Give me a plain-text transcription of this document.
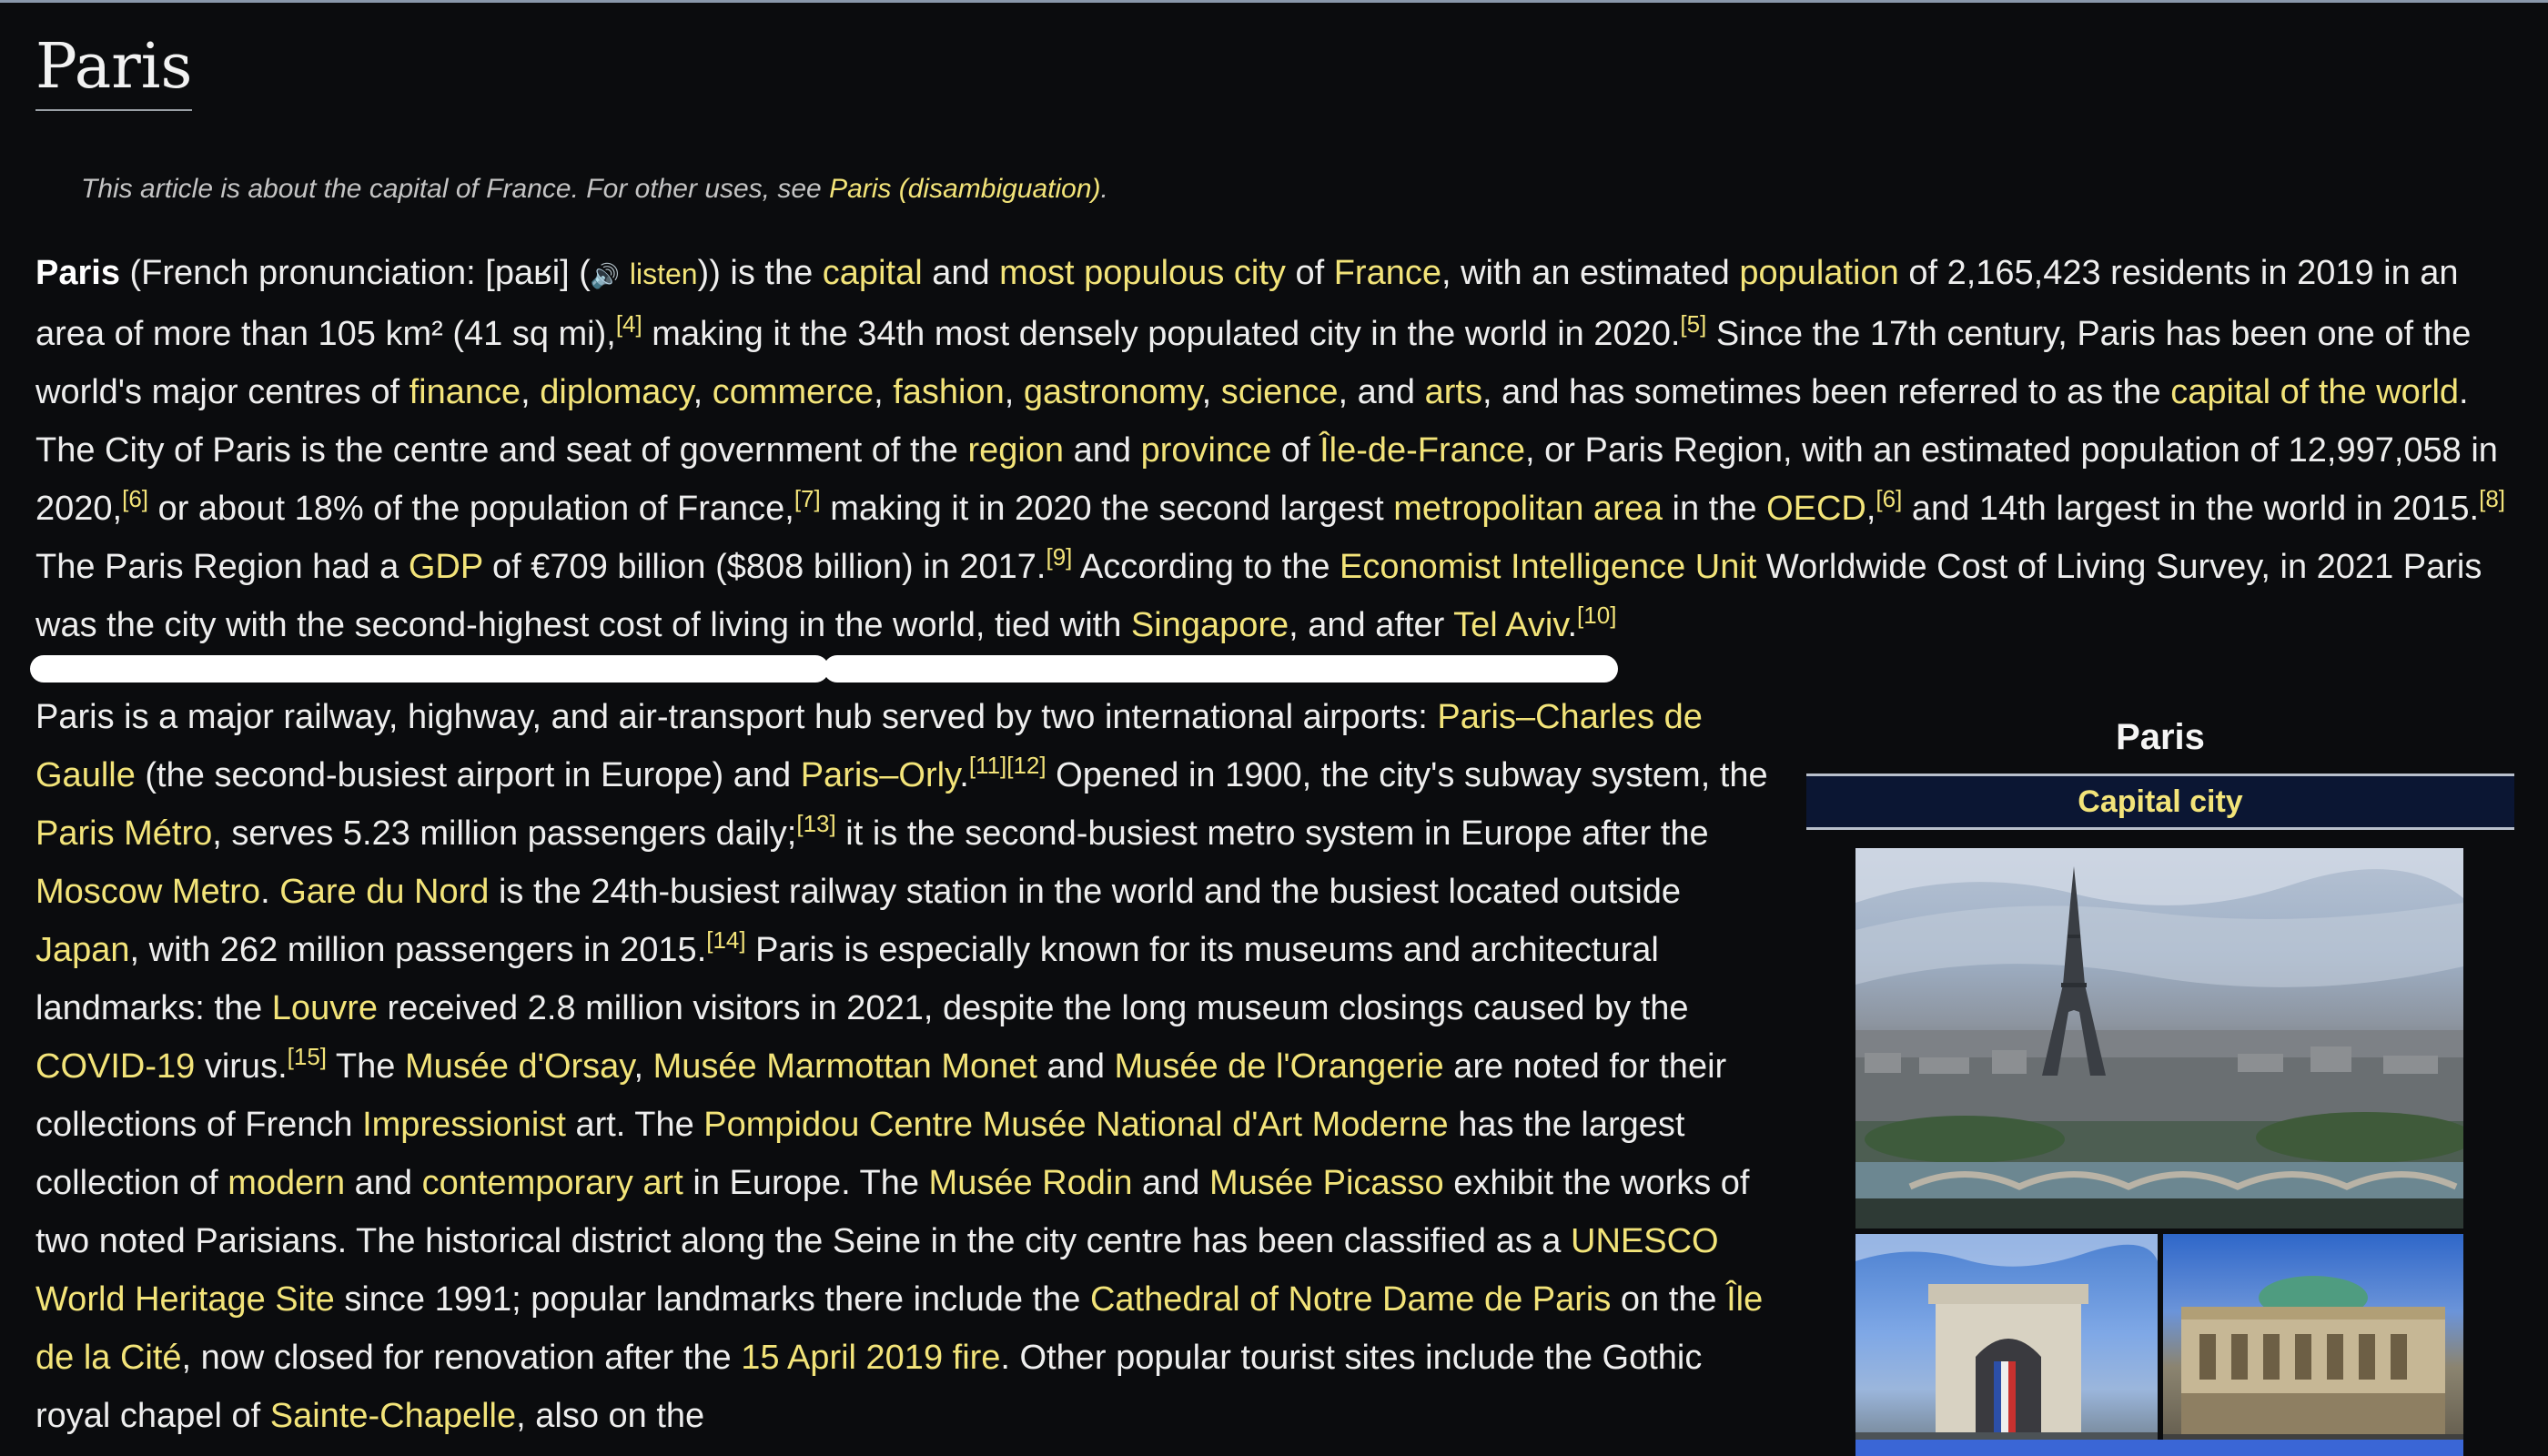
Paris

This article is about the capital of France. For other uses, see Paris (disambiguation).

Paris (French pronunciation: [paʁi] (🔊 listen)) is the capital and most populous city of France, with an estimated population of 2,165,423 residents in 2019 in an area of more than 105 km² (41 sq mi),[4] making it the 34th most densely populated city in the world in 2020.[5] Since the 17th century, Paris has been one of the world's major centres of finance, diplomacy, commerce, fashion, gastronomy, science, and arts, and has sometimes been referred to as the capital of the world. The City of Paris is the centre and seat of government of the region and province of Île-de-France, or Paris Region, with an estimated population of 12,997,058 in 2020,[6] or about 18% of the population of France,[7] making it in 2020 the second largest metropolitan area in the OECD,[6] and 14th largest in the world in 2015.[8] The Paris Region had a GDP of €709 billion ($808 billion) in 2017.[9] According to the Economist Intelligence Unit Worldwide Cost of Living Survey, in 2021 Paris was the city with the second-highest cost of living in the world, tied with Singapore, and after Tel Aviv.[10]

Paris is a major railway, highway, and air-transport hub served by two international airports: Paris–Charles de Gaulle (the second-busiest airport in Europe) and Paris–Orly.[11][12] Opened in 1900, the city's subway system, the Paris Métro, serves 5.23 million passengers daily;[13] it is the second-busiest metro system in Europe after the Moscow Metro. Gare du Nord is the 24th-busiest railway station in the world and the busiest located outside Japan, with 262 million passengers in 2015.[14] Paris is especially known for its museums and architectural landmarks: the Louvre received 2.8 million visitors in 2021, despite the long museum closings caused by the COVID-19 virus.[15] The Musée d'Orsay, Musée Marmottan Monet and Musée de l'Orangerie are noted for their collections of French Impressionist art. The Pompidou Centre Musée National d'Art Moderne has the largest collection of modern and contemporary art in Europe. The Musée Rodin and Musée Picasso exhibit the works of two noted Parisians. The historical district along the Seine in the city centre has been classified as a UNESCO World Heritage Site since 1991; popular landmarks there include the Cathedral of Notre Dame de Paris on the Île de la Cité, now closed for renovation after the 15 April 2019 fire. Other popular tourist sites include the Gothic royal chapel of Sainte-Chapelle, also on the

Paris
Capital city
